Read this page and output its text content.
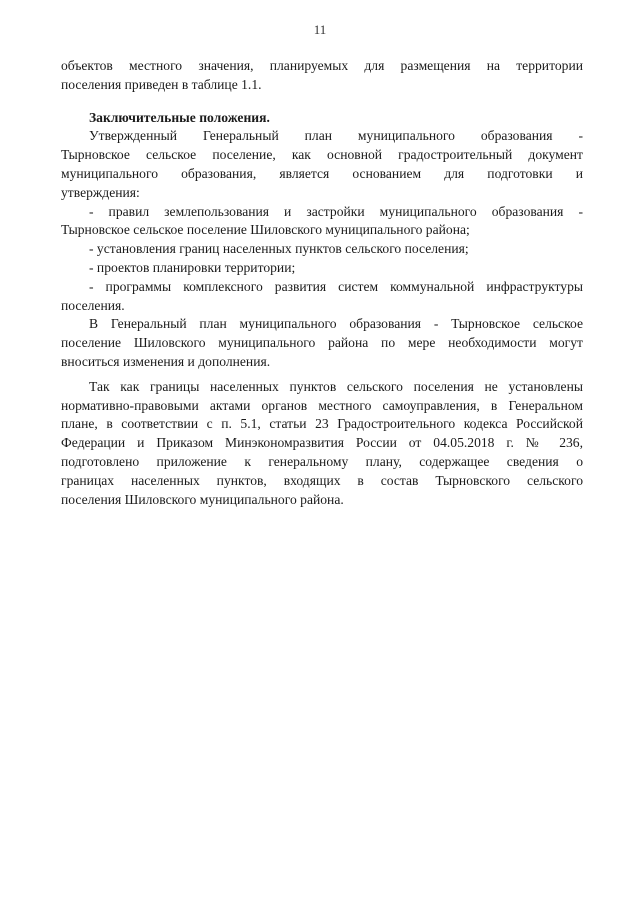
11
объектов местного значения, планируемых для размещения на территории
поселения приведен в таблице 1.1.
Заключительные положения.
Утвержденный Генеральный план муниципального образования -
Тырновское сельское поселение, как основной градостроительный документ
муниципального образования, является основанием для подготовки и
утверждения:
- правил землепользования и застройки муниципального образования -
Тырновское сельское поселение Шиловского муниципального района;
- установления границ населенных пунктов сельского поселения;
- проектов планировки территории;
- программы комплексного развития систем коммунальной инфраструктуры
поселения.
В Генеральный план муниципального образования - Тырновское сельское
поселение Шиловского муниципального района по мере необходимости могут
вноситься изменения и дополнения.
Так как границы населенных пунктов сельского поселения не установлены
нормативно-правовыми актами органов местного самоуправления, в Генеральном
плане, в соответствии с п. 5.1, статьи 23 Градостроительного кодекса Российской
Федерации и Приказом Минэкономразвития России от 04.05.2018 г. № 236,
подготовлено приложение к генеральному плану, содержащее сведения о
границах населенных пунктов, входящих в состав Тырновского сельского
поселения Шиловского муниципального района.
